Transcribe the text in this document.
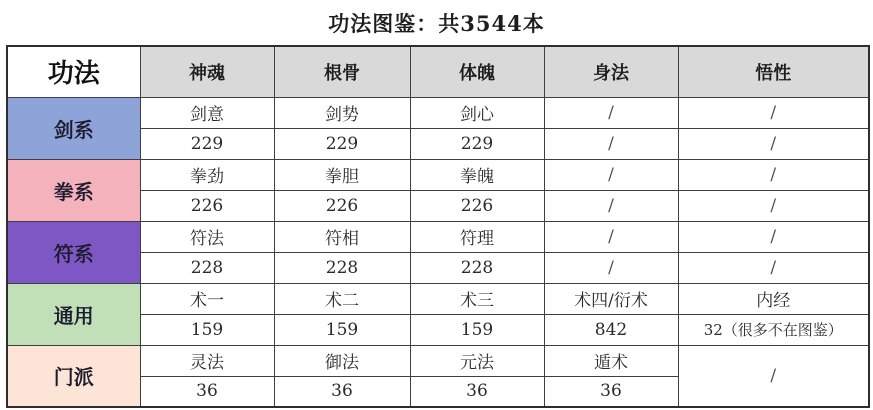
功法图鉴：共3544本
功法	神魂	根骨	体魄	身法	悟性
剑系	剑意	剑势	剑心	/	/
	229	229	229	/	/
拳系	拳劲	拳胆	拳魄	/	/
	226	226	226	/	/
符系	符法	符相	符理	/	/
	228	228	228	/	/
通用	术一	术二	术三	术四/衍术	内经
	159	159	159	842	32（很多不在图鉴）
门派	灵法	御法	元法	遁术	/
	36	36	36	36	
